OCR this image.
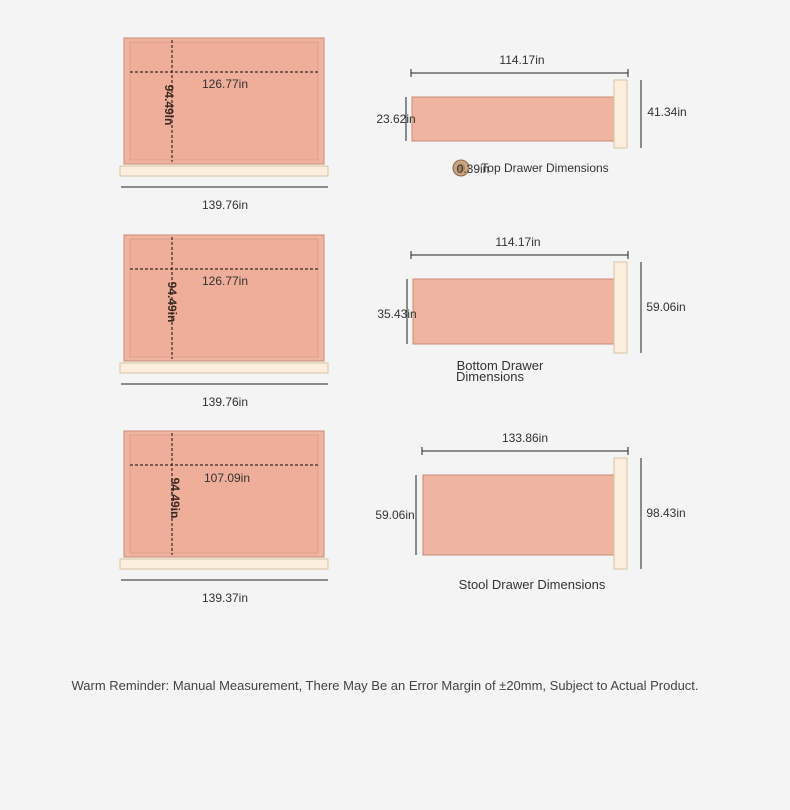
94.49in
126.77in
139.76in
114.17in
23.62in	41.34in
0.39in
Top Drawer Dimensions
94.49in
126.77in
139.76in
114.17in
35.43in	59.06in
Bottom Drawer
Dimensions
94.49in 107.09in
139.37in
133.86in
59.06in	98.43in
Stool Drawer Dimensions
Warm Reminder: Manual Measurement, There May Be an Error Margin of ±20mm, Subject to Actual Product.
